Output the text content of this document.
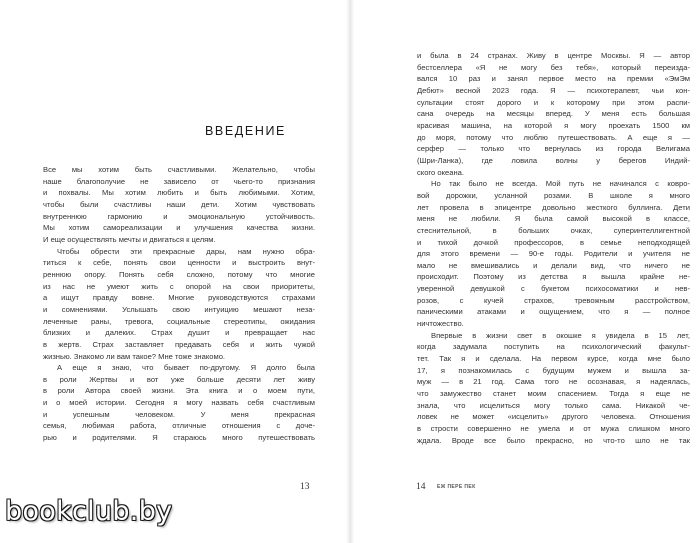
ВВЕДЕНИЕ
Все мы хотим быть счастливыми. Желательно, чтобы
наше благополучие не зависело от чьего-то признания
и похвалы. Мы хотим любить и быть любимыми. Хотим,
чтобы были счастливы наши дети. Хотим чувствовать
внутреннюю гармонию и эмоциональную устойчивость.
Мы хотим самореализации и улучшения качества жизни.
И еще осуществлять мечты и двигаться к целям.
Чтобы обрести эти прекрасные дары, нам нужно обра-
титься к себе, понять свои ценности и выстроить внут-
реннюю опору. Понять себя сложно, потому что многие
из нас не умеют жить с опорой на свои приоритеты,
а ищут правду вовне. Многие руководствуются страхами
и сомнениями. Услышать свою интуицию мешают неза-
леченные раны, тревога, социальные стереотипы, ожидания
близких и далеких. Страх душит и превращает нас
в жертв. Страх заставляет предавать себя и жить чужой
жизнью. Знакомо ли вам такое? Мне тоже знакомо.
А еще я знаю, что бывает по-другому. Я долго была
в роли Жертвы и вот уже больше десяти лет живу
в роли Автора своей жизни. Эта книга и о моем пути,
и о моей истории. Сегодня я могу назвать себя счастливым
и успешным человеком. У меня прекрасная
семья, любимая работа, отличные отношения с доче-
рью и родителями. Я стараюсь много путешествовать
13
и была в 24 странах. Живу в центре Москвы. Я — автор
бестселлера «Я не могу без тебя», который переизда-
вался 10 раз и занял первое место на премии «ЭмЭм
Дебют» весной 2023 года. Я — психотерапевт, чьи кон-
сультации стоят дорого и к которому при этом распи-
сана очередь на месяцы вперед. У меня есть большая
красивая машина, на которой я могу проехать 1500 км
до моря, потому что люблю путешествовать. А еще я —
серфер — только что вернулась из города Велигама
(Шри-Ланка), где ловила волны у берегов Индий-
ского океана.
Но так было не всегда. Мой путь не начинался с ковро-
вой дорожки, усланной розами. В школе я много
лет провела в эпицентре довольно жесткого буллинга. Дети
меня не любили. Я была самой высокой в классе,
стеснительной, в больших очках, суперинтеллигентной
и тихой дочкой профессоров, в семье неподходящей
для этого времени — 90-е годы. Родители и учителя не
мало не вмешивались и делали вид, что ничего не
происходит. Поэтому из детства я вышла крайне не-
уверенной девушкой с букетом психосоматики и нев-
розов, с кучей страхов, тревожным расстройством,
паническими атаками и ощущением, что я — полное
ничтожество.
Впервые в жизни свет в окошке я увидела в 15 лет,
когда задумала поступить на психологический факульт-
тет. Так я и сделала. На первом курсе, когда мне было
17, я познакомилась с будущим мужем и вышла за-
муж — в 21 год. Сама того не осознавая, я надеялась,
что замужество станет моим спасением. Тогда я еще не
знала, что исцелиться могу только сама. Никакой че-
ловек не может «исцелить» другого человека. Отношения
в стрости совершенно не умела и от мужа слишком много
ждала. Вроде все было прекрасно, но что-то шло не так
14 ЕЖ ПЕРЕ ПЕК
bookclub.by
